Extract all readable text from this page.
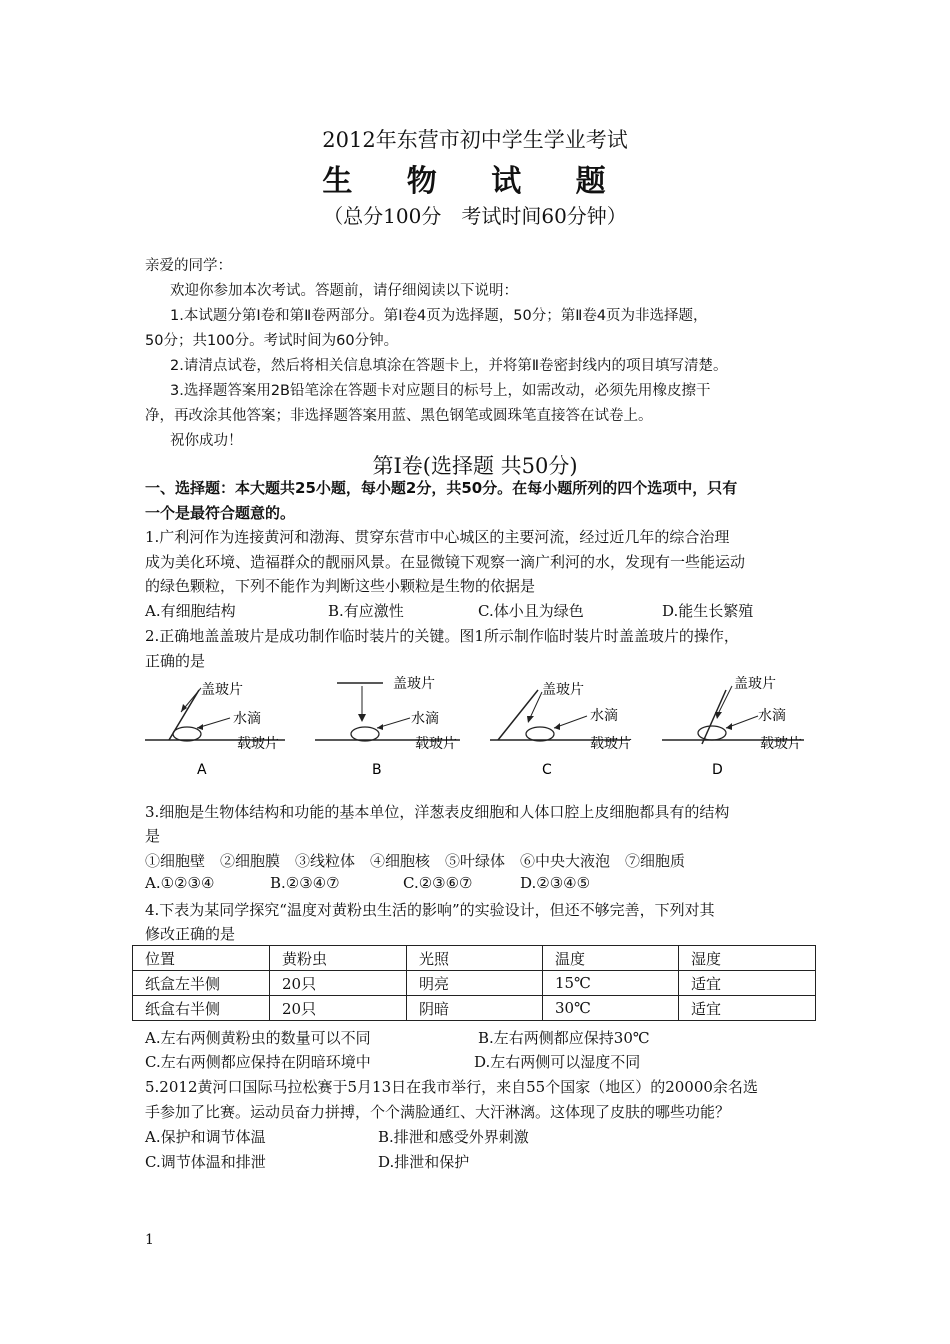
2012年东营市初中学生学业考试
生 物 试 题
（总分100分　考试时间60分钟）
亲爱的同学：
欢迎你参加本次考试。答题前，请仔细阅读以下说明：
1.本试题分第Ⅰ卷和第Ⅱ卷两部分。第Ⅰ卷4页为选择题，50分；第Ⅱ卷4页为非选择题，
50分；共100分。考试时间为60分钟。
2.请清点试卷，然后将相关信息填涂在答题卡上，并将第Ⅱ卷密封线内的项目填写清楚。
3.选择题答案用2B铅笔涂在答题卡对应题目的标号上，如需改动，必须先用橡皮擦干
净，再改涂其他答案；非选择题答案用蓝、黑色钢笔或圆珠笔直接答在试卷上。
祝你成功！
第Ⅰ卷(选择题 共50分)
一、选择题：本大题共25小题，每小题2分，共50分。在每小题所列的四个选项中，只有
一个是最符合题意的。
1.广利河作为连接黄河和渤海、贯穿东营市中心城区的主要河流，经过近几年的综合治理
成为美化环境、造福群众的靓丽风景。在显微镜下观察一滴广利河的水，发现有一些能运动
的绿色颗粒，下列不能作为判断这些小颗粒是生物的依据是
A.有细胞结构	B.有应激性	C.体小且为绿色	D.能生长繁殖
2.正确地盖盖玻片是成功制作临时装片的关键。图1所示制作临时装片时盖盖玻片的操作，
正确的是
盖玻片
水滴
载玻片
A
盖玻片
水滴
载玻片
B
盖玻片
水滴
载玻片
C
盖玻片
水滴
载玻片
D
3.细胞是生物体结构和功能的基本单位，洋葱表皮细胞和人体口腔上皮细胞都具有的结构
是
①细胞壁　②细胞膜　③线粒体　④细胞核　⑤叶绿体　⑥中央大液泡　⑦细胞质
A.①②③④	B.②③④⑦	C.②③⑥⑦	D.②③④⑤
4.下表为某同学探究“温度对黄粉虫生活的影响”的实验设计，但还不够完善，下列对其
修改正确的是
位置	黄粉虫	光照	温度	湿度
纸盒左半侧	20只	明亮	15℃	适宜
纸盒右半侧	20只	阴暗	30℃	适宜
A.左右两侧黄粉虫的数量可以不同	B.左右两侧都应保持30℃
C.左右两侧都应保持在阴暗环境中	D.左右两侧可以湿度不同
5.2012黄河口国际马拉松赛于5月13日在我市举行，来自55个国家（地区）的20000余名选
手参加了比赛。运动员奋力拼搏，个个满脸通红、大汗淋漓。这体现了皮肤的哪些功能？
A.保护和调节体温	B.排泄和感受外界刺激
C.调节体温和排泄	D.排泄和保护
1
